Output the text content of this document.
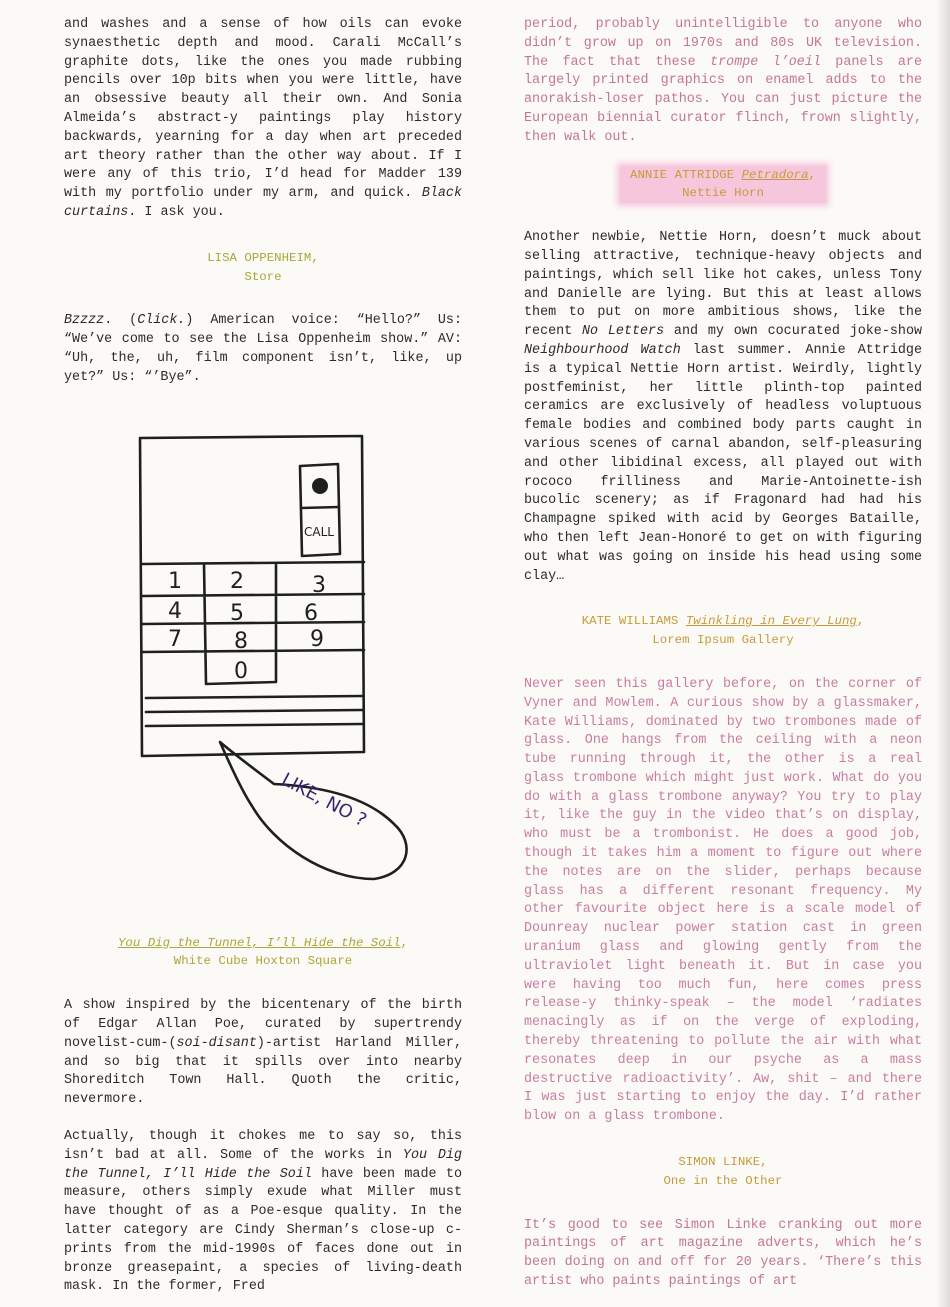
and washes and a sense of how oils can evoke synaesthetic depth and mood. Carali McCall’s graphite dots, like the ones you made rubbing pencils over 10p bits when you were little, have an obsessive beauty all their own. And Sonia Almeida’s abstract-y paintings play history backwards, yearning for a day when art preceded art theory rather than the other way about. If I were any of this trio, I’d head for Madder 139 with my portfolio under my arm, and quick. Black curtains. I ask you.

LISA OPPENHEIM,
Store

Bzzzz. (Click.) American voice: “Hello?” Us: “We’ve come to see the Lisa Oppenheim show.” AV: “Uh, the, uh, film component isn’t, like, up yet?” Us: “’Bye”.

CALL
1 2	3
4 5	6
7 8	9
0
LIKE, NO ?
You Dig the Tunnel, I’ll Hide the Soil,
White Cube Hoxton Square

A show inspired by the bicentenary of the birth of Edgar Allan Poe, curated by supertrendy novelist-cum-(soi-disant)-artist Harland Miller, and so big that it spills over into nearby Shoreditch Town Hall. Quoth the critic, nevermore.

Actually, though it chokes me to say so, this isn’t bad at all. Some of the works in You Dig the Tunnel, I’ll Hide the Soil have been made to measure, others simply exude what Miller must have thought of as a Poe-esque quality. In the latter category are Cindy Sherman’s close-up c-prints from the mid-1990s of faces done out in bronze greasepaint, a species of living-death mask. In the former, Fred

period, probably unintelligible to anyone who didn’t grow up on 1970s and 80s UK television. The fact that these trompe l’oeil panels are largely printed graphics on enamel adds to the anorakish-loser pathos. You can just picture the European biennial curator flinch, frown slightly, then walk out.

ANNIE ATTRIDGE Petradora,
Nettie Horn

Another newbie, Nettie Horn, doesn’t muck about selling attractive, technique-heavy objects and paintings, which sell like hot cakes, unless Tony and Danielle are lying. But this at least allows them to put on more ambitious shows, like the recent No Letters and my own cocurated joke-show Neighbourhood Watch last summer. Annie Attridge is a typical Nettie Horn artist. Weirdly, lightly postfeminist, her little plinth-top painted ceramics are exclusively of headless voluptuous female bodies and combined body parts caught in various scenes of carnal abandon, self-pleasuring and other libidinal excess, all played out with rococo frilliness and Marie-Antoinette-ish bucolic scenery; as if Fragonard had had his Champagne spiked with acid by Georges Bataille, who then left Jean-Honoré to get on with figuring out what was going on inside his head using some clay…

KATE WILLIAMS Twinkling in Every Lung,
Lorem Ipsum Gallery

Never seen this gallery before, on the corner of Vyner and Mowlem. A curious show by a glassmaker, Kate Williams, dominated by two trombones made of glass. One hangs from the ceiling with a neon tube running through it, the other is a real glass trombone which might just work. What do you do with a glass trombone anyway? You try to play it, like the guy in the video that’s on display, who must be a trombonist. He does a good job, though it takes him a moment to figure out where the notes are on the slider, perhaps because glass has a different resonant frequency. My other favourite object here is a scale model of Dounreay nuclear power station cast in green uranium glass and glowing gently from the ultraviolet light beneath it. But in case you were having too much fun, here comes press release-y thinky-speak – the model ‘radiates menacingly as if on the verge of exploding, thereby threatening to pollute the air with what resonates deep in our psyche as a mass destructive radioactivity’. Aw, shit – and there I was just starting to enjoy the day. I’d rather blow on a glass trombone.

SIMON LINKE,
One in the Other

It’s good to see Simon Linke cranking out more paintings of art magazine adverts, which he’s been doing on and off for 20 years. ‘There’s this artist who paints paintings of art
